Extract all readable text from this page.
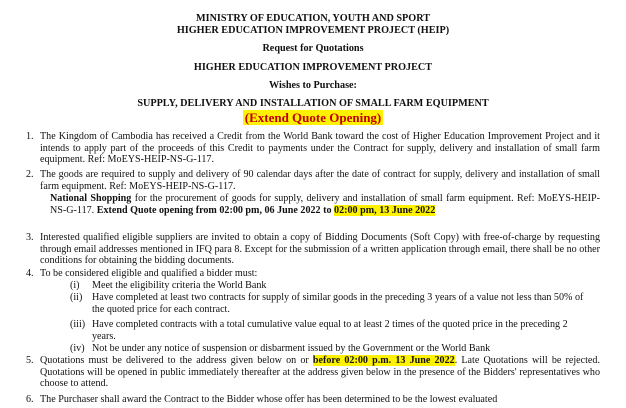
MINISTRY OF EDUCATION, YOUTH AND SPORT
HIGHER EDUCATION IMPROVEMENT PROJECT (HEIP)
Request for Quotations
HIGHER EDUCATION IMPROVEMENT PROJECT
Wishes to Purchase:
SUPPLY, DELIVERY AND INSTALLATION OF SMALL FARM EQUIPMENT
(Extend Quote Opening)
1. The Kingdom of Cambodia has received a Credit from the World Bank toward the cost of Higher Education Improvement Project and it intends to apply part of the proceeds of this Credit to payments under the Contract for supply, delivery and installation of small farm equipment. Ref: MoEYS-HEIP-NS-G-117.
2. The goods are required to supply and delivery of 90 calendar days after the date of contract for supply, delivery and installation of small farm equipment. Ref: MoEYS-HEIP-NS-G-117.
National Shopping for the procurement of goods for supply, delivery and installation of small farm equipment. Ref: MoEYS-HEIP-NS-G-117. Extend Quote opening from 02:00 pm, 06 June 2022 to 02:00 pm, 13 June 2022
3. Interested qualified eligible suppliers are invited to obtain a copy of Bidding Documents (Soft Copy) with free-of-charge by requesting through email addresses mentioned in IFQ para 8. Except for the submission of a written application through email, there shall be no other conditions for obtaining the bidding documents.
4. To be considered eligible and qualified a bidder must:
(i)	Meet the eligibility criteria the World Bank
(ii) Have completed at least two contracts for supply of similar goods in the preceding 3 years of a value not less than 50% of the quoted price for each contract.
(iii) Have completed contracts with a total cumulative value equal to at least 2 times of the quoted price in the preceding 2 years.
(iv) Not be under any notice of suspension or disbarment issued by the Government or the World Bank
5. Quotations must be delivered to the address given below on or before 02:00 p.m. 13 June 2022. Late Quotations will be rejected. Quotations will be opened in public immediately thereafter at the address given below in the presence of the Bidders' representatives who choose to attend.
6. The Purchaser shall award the Contract to the Bidder whose offer has been determined to be the lowest evaluated
